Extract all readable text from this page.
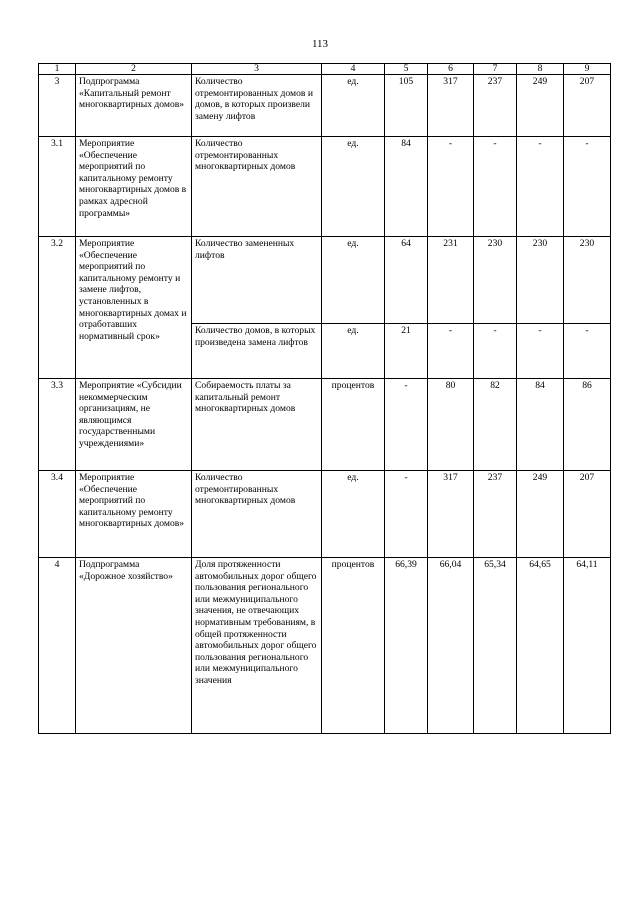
113
1	2	3	4	5	6	7	8	9
3	Подпрограмма «Капитальный ремонт многоквартирных домов»	Количество отремонтированных домов и домов, в которых произвели замену лифтов	ед.	105	317	237	249	207
3.1	Мероприятие «Обеспечение мероприятий по капитальному ремонту многоквартирных домов в рамках адресной программы»	Количество отремонтированных многоквартирных домов	ед.	84	-	-	-	-
3.2	Мероприятие «Обеспечение мероприятий по капитальному ремонту и замене лифтов, установленных в многоквартирных домах и отработавших нормативный срок»	Количество замененных лифтов	ед.	64	231	230	230	230
		Количество домов, в которых произведена замена лифтов	ед.	21	-	-	-	-
3.3	Мероприятие «Субсидии некоммерческим организациям, не являющимся государственными учреждениями»	Собираемость платы за капитальный ремонт многоквартирных домов	процентов	-	80	82	84	86
3.4	Мероприятие «Обеспечение мероприятий по капитальному ремонту многоквартирных домов»	Количество отремонтированных многоквартирных домов	ед.	-	317	237	249	207
4	Подпрограмма «Дорожное хозяйство»	Доля протяженности автомобильных дорог общего пользования регионального или межмуниципального значения, не отвечающих нормативным требованиям, в общей протяженности автомобильных дорог общего пользования регионального или межмуниципального значения	процентов	66,39	66,04	65,34	64,65	64,11
